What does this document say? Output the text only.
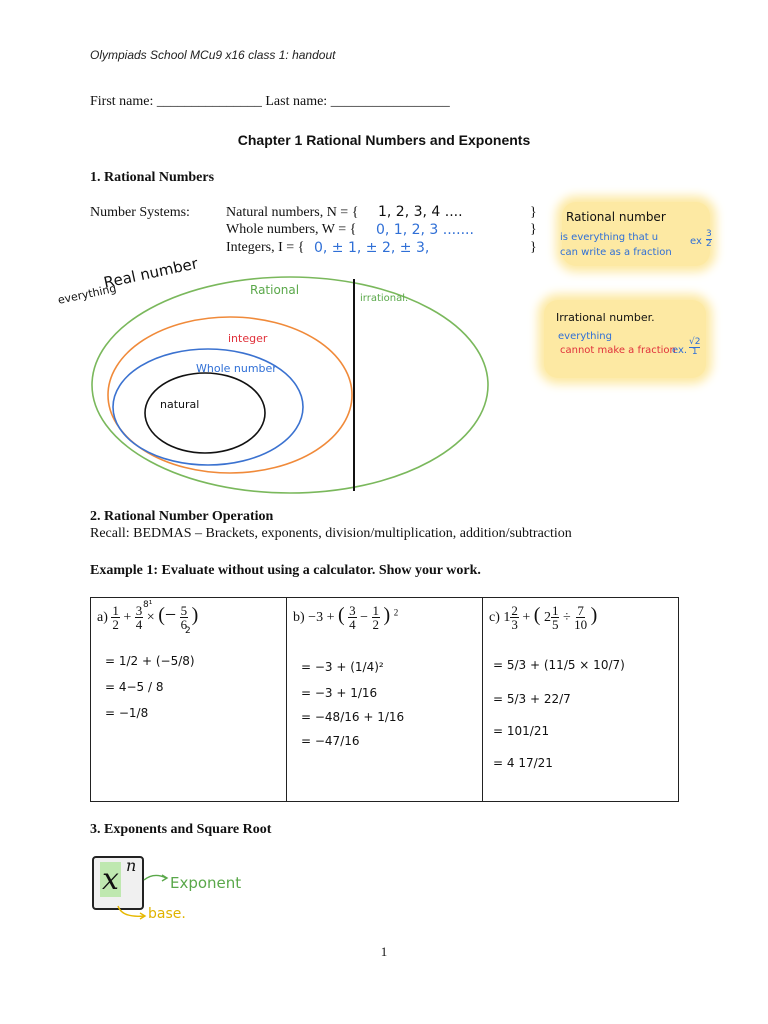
Olympiads School MCu9 x16 class 1: handout
First name: _______________ Last name: _________________
Chapter 1 Rational Numbers and Exponents
1. Rational Numbers
Number Systems:	Natural numbers, N = { 1, 2, 3, 4 ....	}
Whole numbers, W = { 0, 1, 2, 3 .......	}
Integers, I = { 0, ± 1, ± 2, ± 3,	}
everything
Real number	Rational
irrational.
integer
Whole number
natural
Rational number
is everything that u
can write as a fraction
ex $\frac{3}{2}$
Irrational number.
everything
cannot make a fraction
ex. $\frac{√2}{1}$
2. Rational Number Operation
Recall: BEDMAS – Brackets, exponents, division/multiplication, addition/subtraction
Example 1: Evaluate without using a calculator. Show your work.
$a) \frac{1}{2} + \frac{3}{4}$ × (− $\frac{5}{6}$ )
8¹
2
= 1/2 + (−5/8)
= 4−5 / 8
= −1/8

b) −3 + ( $\frac{3}{4} - \frac{1}{2}$ ) $^2$
= −3 + (1/4)²
= −3 + 1/16
= −48/16 + 1/16
= −47/16

c) $1 \frac{2}{3}$ + ( $2 \frac{1}{5} \div \frac{7}{10}$ )
= 5/3 + (11/5 × 10/7)
= 5/3 + 22/7
= 101/21
= 4 17/21
3. Exponents and Square Root
x n
Exponent
base.
1
